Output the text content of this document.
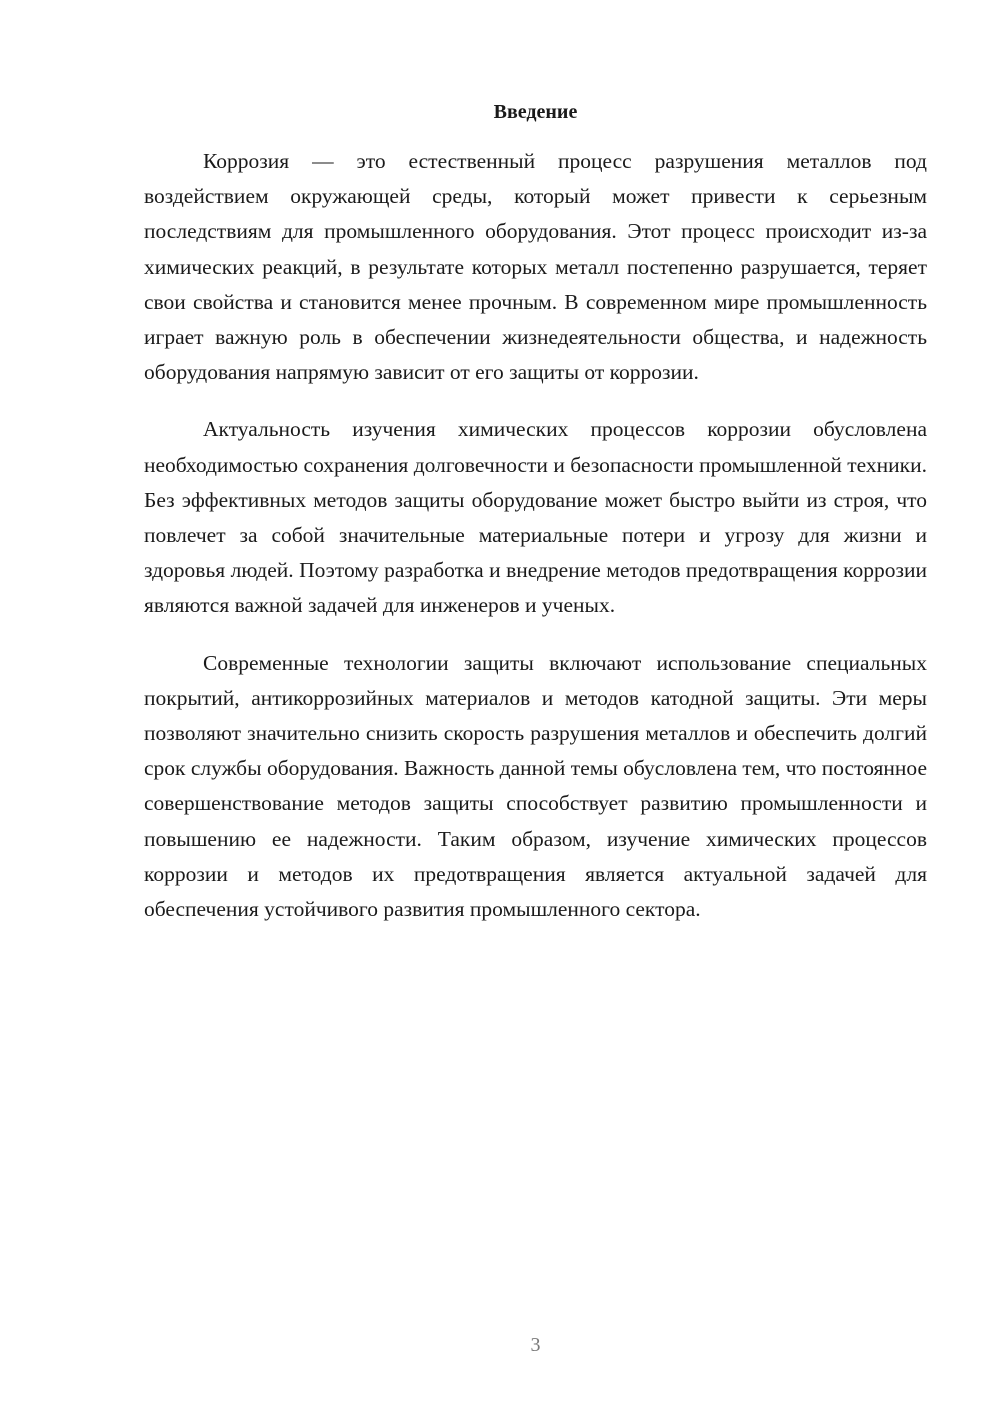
Введение

Коррозия — это естественный процесс разрушения металлов под воздействием окружающей среды, который может привести к серьезным последствиям для промышленного оборудования. Этот процесс происходит из-за химических реакций, в результате которых металл постепенно разрушается, теряет свои свойства и становится менее прочным. В современном мире промышленность играет важную роль в обеспечении жизнедеятельности общества, и надежность оборудования напрямую зависит от его защиты от коррозии.

Актуальность изучения химических процессов коррозии обусловлена необходимостью сохранения долговечности и безопасности промышленной техники. Без эффективных методов защиты оборудование может быстро выйти из строя, что повлечет за собой значительные материальные потери и угрозу для жизни и здоровья людей. Поэтому разработка и внедрение методов предотвращения коррозии являются важной задачей для инженеров и ученых.

Современные технологии защиты включают использование специальных покрытий, антикоррозийных материалов и методов катодной защиты. Эти меры позволяют значительно снизить скорость разрушения металлов и обеспечить долгий срок службы оборудования. Важность данной темы обусловлена тем, что постоянное совершенствование методов защиты способствует развитию промышленности и повышению ее надежности. Таким образом, изучение химических процессов коррозии и методов их предотвращения является актуальной задачей для обеспечения устойчивого развития промышленного сектора.

3
